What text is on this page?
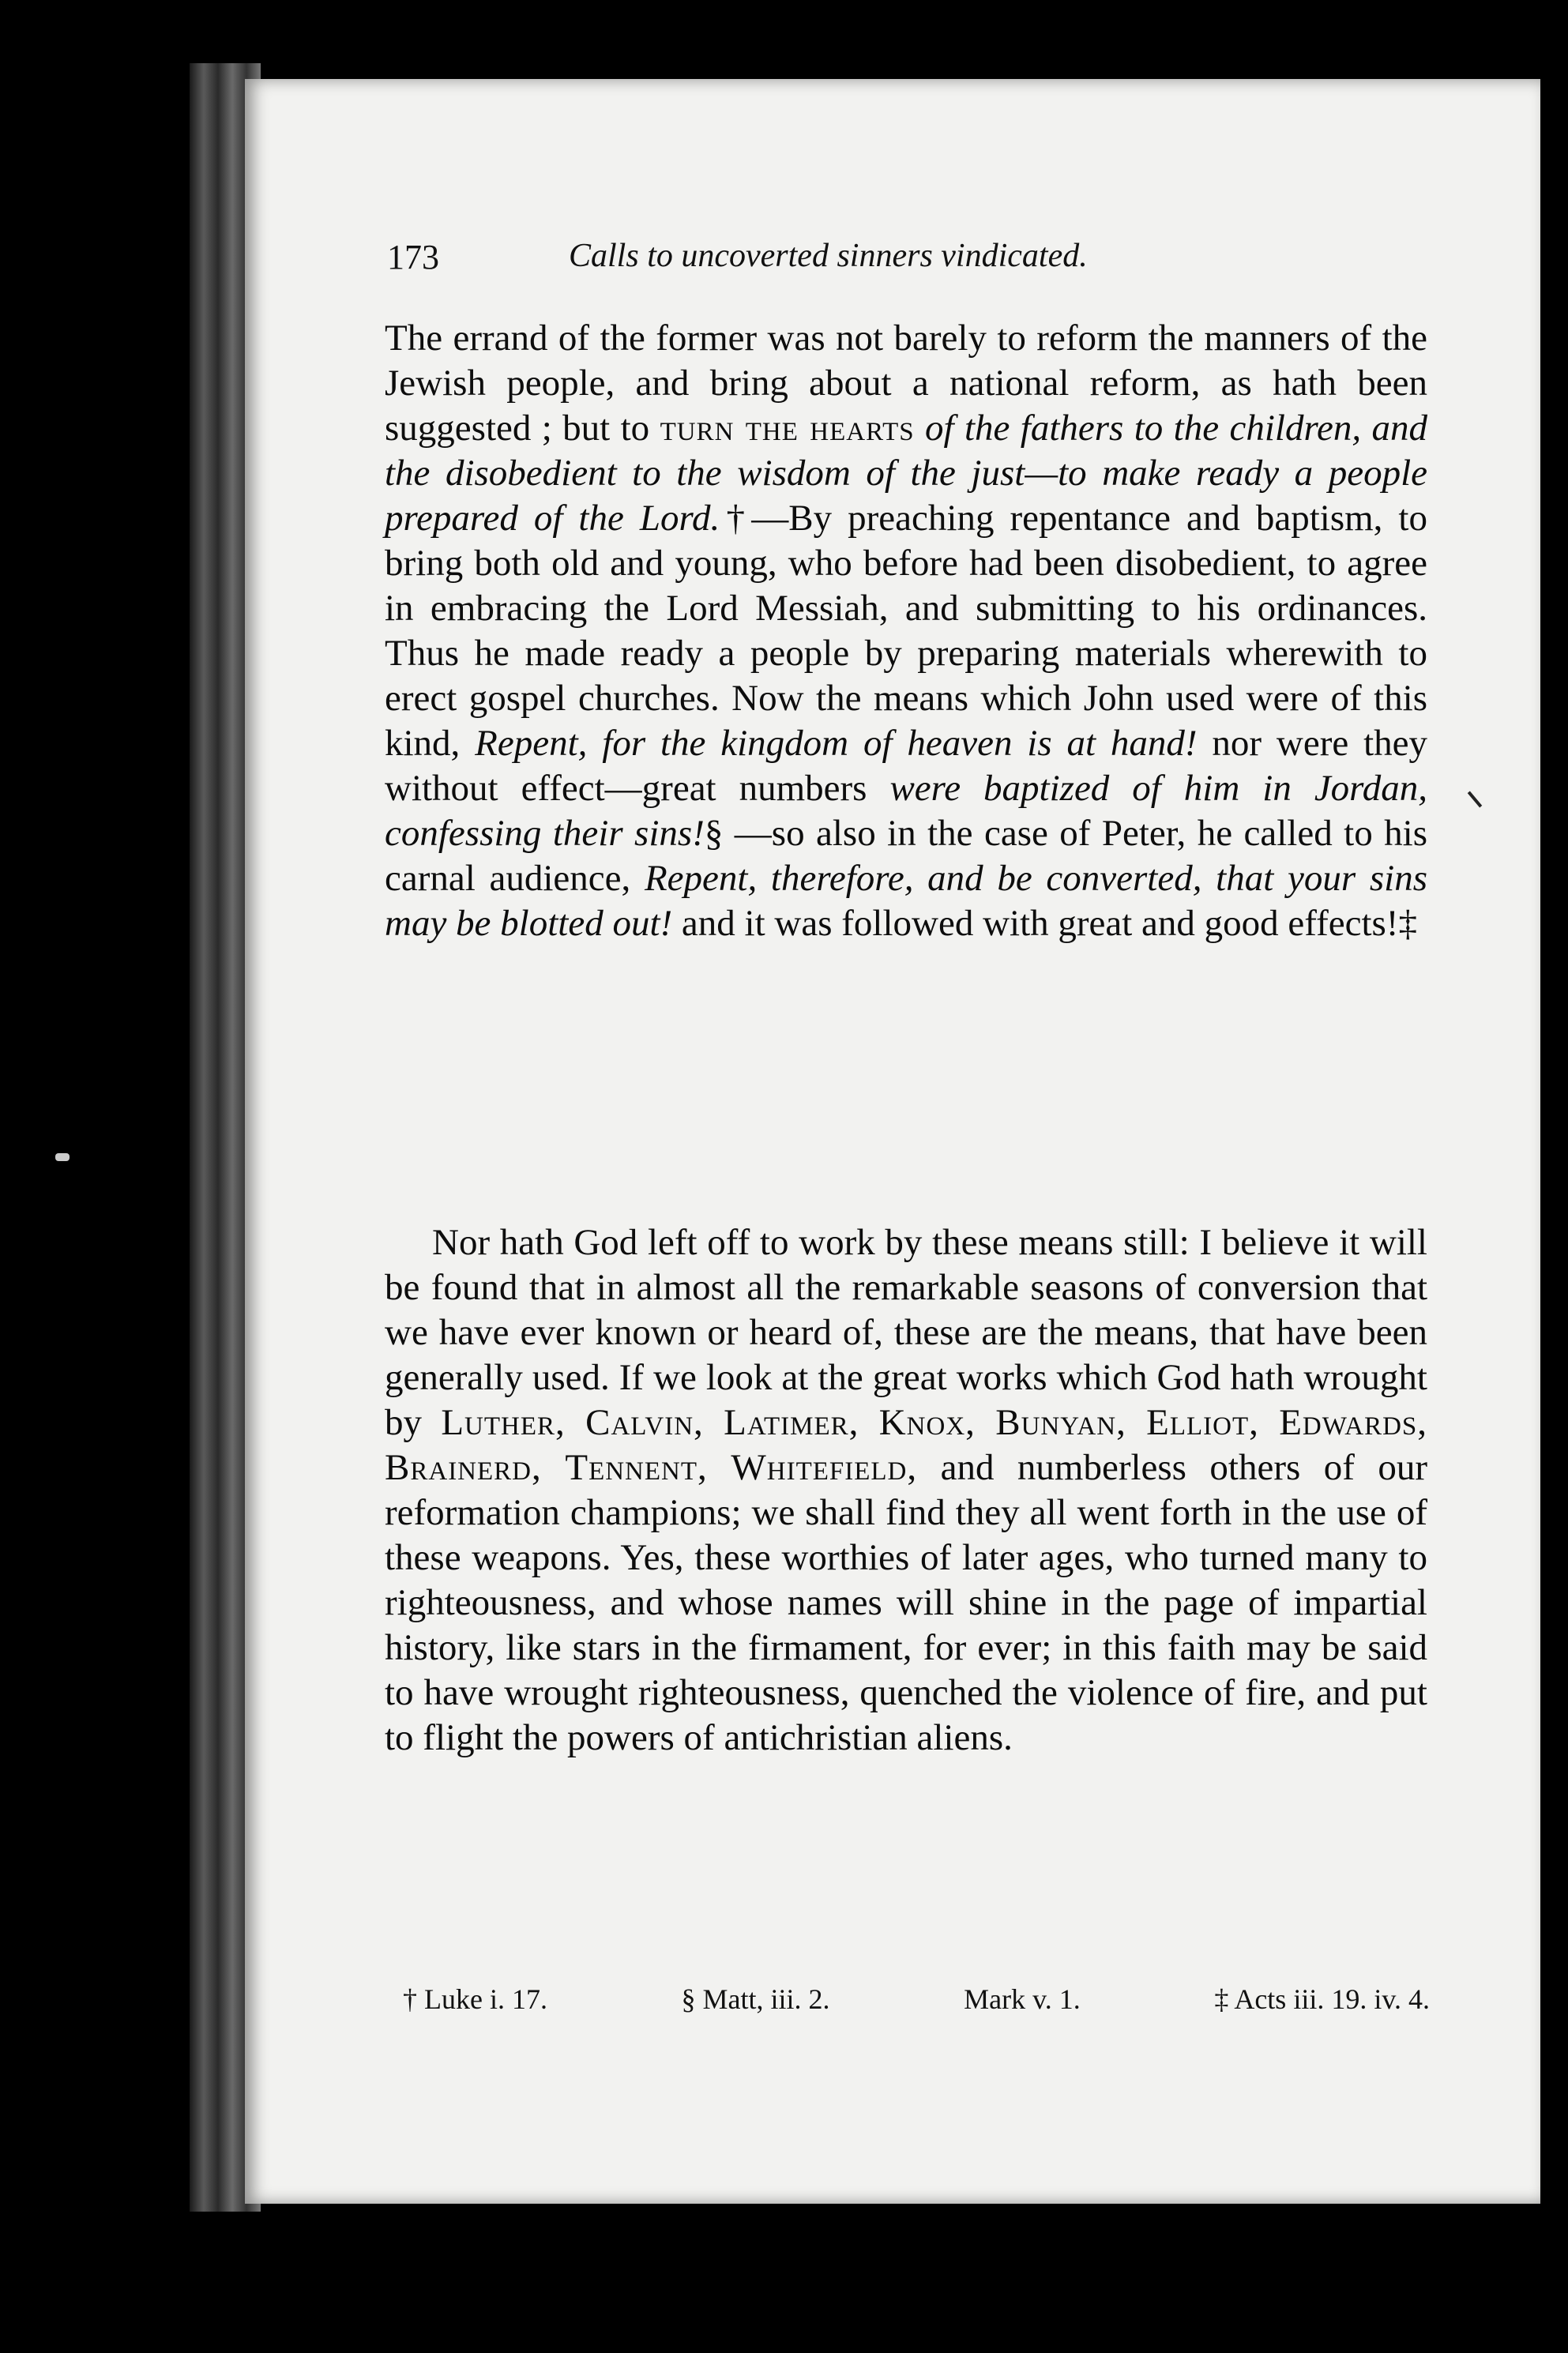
173	Calls to uncoverted sinners vindicated.
The errand of the former was not barely to reform the manners of the Jewish people, and bring about a national reform, as hath been suggested ; but to turn the hearts of the fathers to the children, and the disobedient to the wisdom of the just—to make ready a people prepared of the Lord.†—By preaching repentance and baptism, to bring both old and young, who before had been disobedient, to agree in embracing the Lord Messiah, and submitting to his ordinances. Thus he made ready a people by preparing materials wherewith to erect gospel churches. Now the means which John used were of this kind, Repent, for the kingdom of heaven is at hand! nor were they without effect—great numbers were baptized of him in Jordan, confessing their sins!§ —so also in the case of Peter, he called to his carnal audience, Repent, therefore, and be converted, that your sins may be blotted out! and it was followed with great and good effects!‡
Nor hath God left off to work by these means still: I believe it will be found that in almost all the remarkable seasons of conversion that we have ever known or heard of, these are the means, that have been generally used. If we look at the great works which God hath wrought by Luther, Calvin, Latimer, Knox, Bunyan, Elliot, Edwards, Brainerd, Tennent, Whitefield, and numberless others of our reformation champions; we shall find they all went forth in the use of these weapons. Yes, these worthies of later ages, who turned many to righteousness, and whose names will shine in the page of impartial history, like stars in the firmament, for ever; in this faith may be said to have wrought righteousness, quenched the violence of fire, and put to flight the powers of antichristian aliens.
† Luke i. 17.	§ Matt, iii. 2.	Mark v. 1.	‡ Acts iii. 19. iv. 4.
